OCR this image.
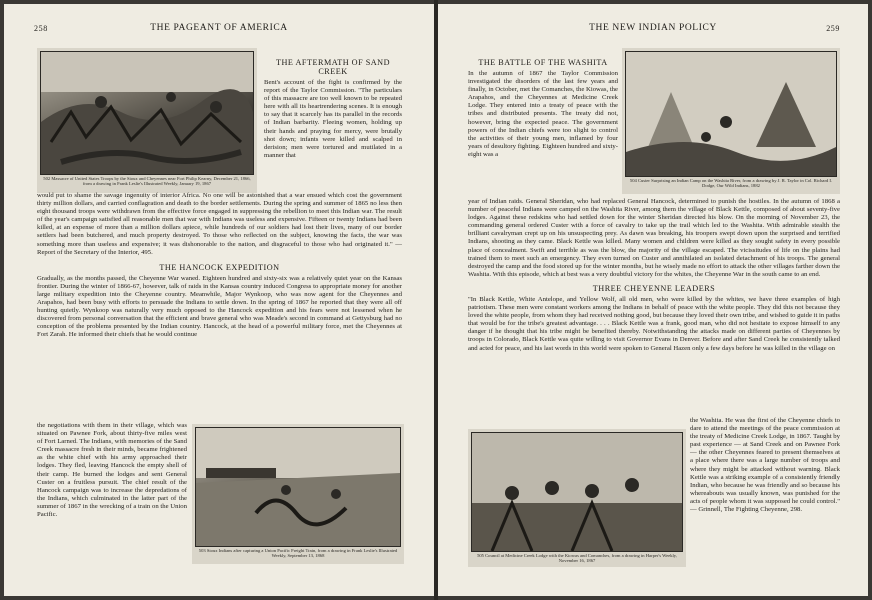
258	THE PAGEANT OF AMERICA
502 Massacre of United States Troops by the Sioux and Cheyennes near Fort Philip Kearny, December 21, 1866, from a drawing in Frank Leslie's Illustrated Weekly, January 19, 1867
THE AFTERMATH OF SAND CREEK

Bent's account of the fight is confirmed by the report of the Taylor Commission. "The particulars of this massacre are too well known to be repeated here with all its heartrendering scenes. It is enough to say that it scarcely has its parallel in the records of Indian barbarity. Fleeing women, holding up their hands and praying for mercy, were brutally shot down; infants were killed and scalped in derision; men were tortured and mutilated in a manner that

would put to shame the savage ingenuity of interior Africa. No one will be astonished that a war ensued which cost the government thirty million dollars, and carried conflagration and death to the border settlements. During the spring and summer of 1865 no less then eight thousand troops were withdrawn from the effective force engaged in suppressing the rebellion to meet this Indian war. The result of the year's campaign satisfied all reasonable men that war with Indians was useless and expensive. Fifteen or twenty Indians had been killed, at an expense of more than a million dollars apiece, while hundreds of our soldiers had lost their lives, many of our border settlers had been butchered, and much property destroyed. To those who reflected on the subject, knowing the facts, the war was something more than useless and expensive; it was dishonorable to the nation, and disgraceful to those who had originated it." — Report of the Secretary of the Interior, 495.

THE HANCOCK EXPEDITION

Gradually, as the months passed, the Cheyenne War waned. Eighteen hundred and sixty-six was a relatively quiet year on the Kansas frontier. During the winter of 1866-67, however, talk of raids in the Kansas country induced Congress to appropriate money for another large military expedition into the Cheyenne country. Meanwhile, Major Wynkoop, who was now agent for the Cheyennes and Arapahos, had been busy with efforts to persuade the Indians to settle down. In the spring of 1867 he reported that they were all off hunting quietly. Wynkoop was naturally very much opposed to the Hancock expedition and his fears were not lessened when he discovered from personal conversation that the efficient and brave general who was Meade's second in command at Gettysburg had no conception of the problems presented by the Indian country. Hancock, at the head of a powerful military force, met the Cheyennes at Fort Zarah. He informed their chiefs that he would continue

the negotiations with them in their village, which was situated on Pawnee Fork, about thirty-five miles west of Fort Larned. The Indians, with memories of the Sand Creek massacre fresh in their minds, became frightened as the white chief with his army approached their lodges. They fled, leaving Hancock the empty shell of their camp. He burned the lodges and sent General Custer on a fruitless pursuit. The chief result of the Hancock campaign was to increase the depredations of the Indians, which culminated in the latter part of the summer of 1867 in the wrecking of a train on the Union Pacific.

503 Sioux Indians after capturing a Union Pacific Freight Train, from a drawing in Frank Leslie's Illustrated Weekly, September 13, 1868
THE NEW INDIAN POLICY	259
THE BATTLE OF THE WASHITA

In the autumn of 1867 the Taylor Commission investigated the disorders of the last few years and finally, in October, met the Comanches, the Kiowas, the Arapahos, and the Cheyennes at Medicine Creek Lodge. They entered into a treaty of peace with the tribes and distributed presents. The treaty did not, however, bring the expected peace. The government powers of the Indian chiefs were too slight to control the activities of their young men, inflamed by four years of desultory fighting. Eighteen hundred and sixty-eight was a

504 Custer Surprising an Indian Camp on the Washita River, from a drawing by J. R. Taylor in Col. Richard I. Dodge, Our Wild Indians, 1882

year of Indian raids. General Sheridan, who had replaced General Hancock, determined to punish the hostiles. In the autumn of 1868 a number of peaceful Indians were camped on the Washita River, among them the village of Black Kettle, composed of about seventy-five lodges. Against these redskins who had settled down for the winter Sheridan directed his blow. On the morning of November 23, the commanding general ordered Custer with a force of cavalry to take up the trail which led to the Washita. With admirable stealth the brilliant cavalryman crept up on his unsuspecting prey. As dawn was breaking, his troopers swept down upon the surprised and terrified Indians, shooting as they came. Black Kettle was killed. Many women and children were killed as they sought safety in every possible place of concealment. Swift and terrible as was the blow, the majority of the village escaped. The vicissitudes of life on the plains had trained them to meet such an emergency. They even turned on Custer and annihilated an isolated detachment of his troops. The general destroyed the camp and the food stored up for the winter months, but he wisely made no effort to attack the other villages farther down the Washita. With this episode, which at best was a very doubtful victory for the whites, the Cheyenne War in the south came to an end.

THREE CHEYENNE LEADERS

"In Black Kettle, White Antelope, and Yellow Wolf, all old men, who were killed by the whites, we have three examples of high patriotism. These men were constant workers among the Indians in behalf of peace with the white people. They did this not because they loved the white people, from whom they had received nothing good, but because they loved their own tribe, and wished to guide it in paths that would be for the tribe's greatest advantage. . . . Black Kettle was a frank, good man, who did not hesitate to expose himself to any danger if he thought that his tribe might be benefited thereby. Notwithstanding the attacks made on different parties of Cheyennes by troops in Colorado, Black Kettle was quite willing to visit Governor Evans in Denver. Before and after Sand Creek he consistently talked and acted for peace, and his last words in this world were spoken to General Hazen only a few days before he was killed in the village on

505 Council at Medicine Creek Lodge with the Kiowas and Comanches, from a drawing in Harper's Weekly, November 16, 1867

the Washita. He was the first of the Cheyenne chiefs to dare to attend the meetings of the peace commission at the treaty of Medicine Creek Lodge, in 1867. Taught by past experience — at Sand Creek and on Pawnee Fork — the other Cheyennes feared to present themselves at a place where there was a large number of troops and where they might be attacked without warning. Black Kettle was a striking example of a consistently friendly Indian, who because he was friendly and so because his whereabouts was usually known, was punished for the acts of people whom it was supposed he could control." — Grinnell, The Fighting Cheyenne, 298.
